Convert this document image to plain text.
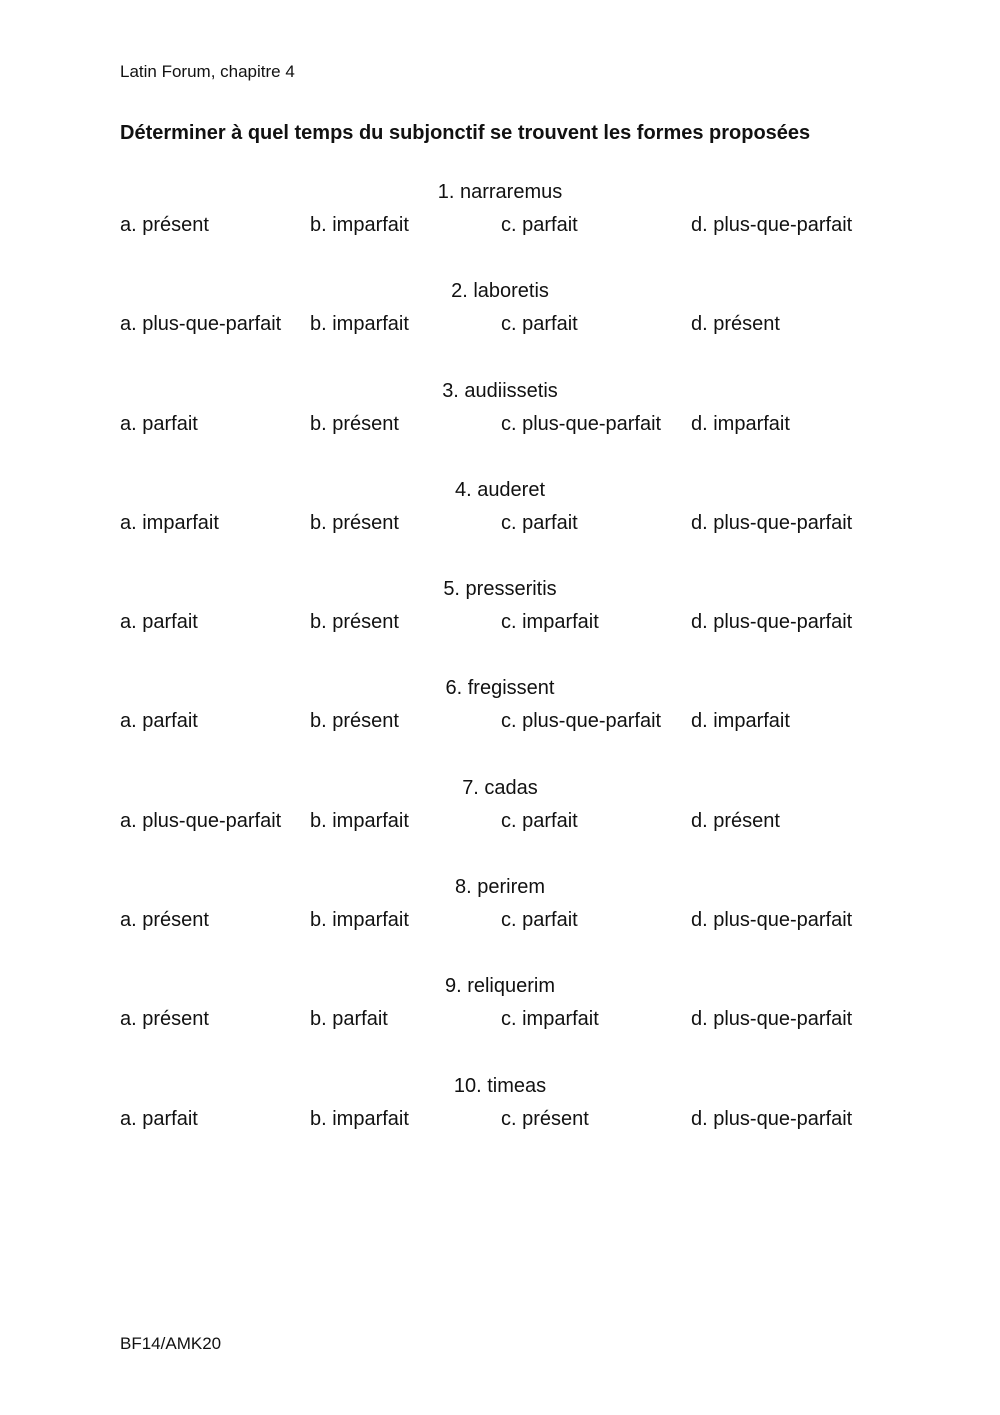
Latin Forum, chapitre 4
Déterminer à quel temps du subjonctif se trouvent les formes proposées
1. narraremus
a. présent	b. imparfait	c. parfait	d. plus-que-parfait
2. laboretis
a. plus-que-parfait b. imparfait	c. parfait	d. présent
3. audiissetis
a. parfait	b. présent	c. plus-que-parfait d. imparfait
4. auderet
a. imparfait	b. présent	c. parfait	d. plus-que-parfait
5. presseritis
a. parfait	b. présent	c. imparfait	d. plus-que-parfait
6. fregissent
a. parfait	b. présent	c. plus-que-parfait d. imparfait
7. cadas
a. plus-que-parfait b. imparfait	c. parfait	d. présent
8. perirem
a. présent	b. imparfait	c. parfait	d. plus-que-parfait
9. reliquerim
a. présent	b. parfait	c. imparfait	d. plus-que-parfait
10. timeas
a. parfait	b. imparfait	c. présent	d. plus-que-parfait
BF14/AMK20
